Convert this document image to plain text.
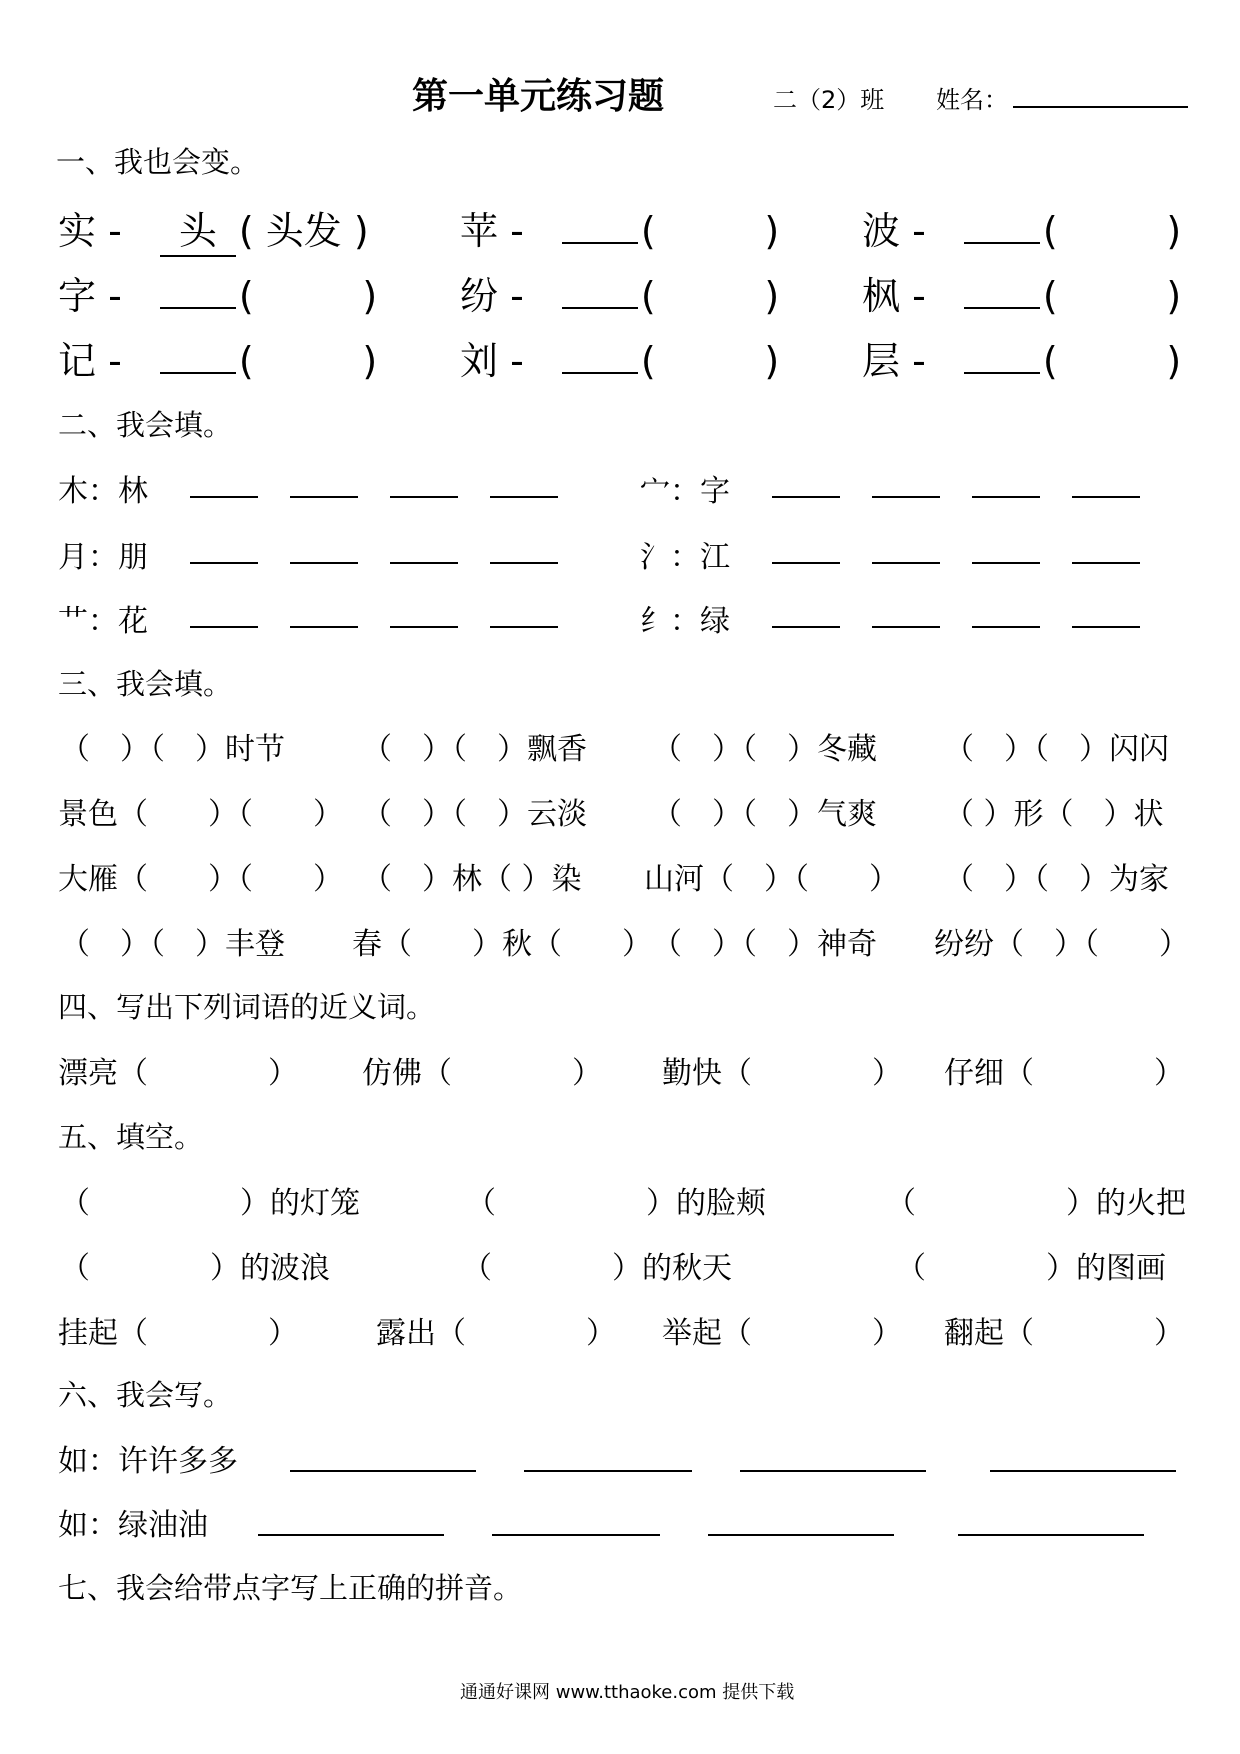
第一单元练习题	二（2）班 姓名：
一、我也会变。
实 - 头 ( 头发 ) 苹 -	(         ) 波 -	(         )
字 -	(         ) 纷 -	(         ) 枫 -	(         )
记 -	(         ) 刘 -	(         ) 层 -	(         )
二、我会填。
木：林	宀：字
月：朋	氵：江
艹：花	纟：绿
三、我会填。
（　）（　）时节	（　）（　）飘香 （　）（　）冬藏 （　）（　）闪闪
景色（　　）（　　） （　）（　）云淡 （　）（　）气爽 （ ）形（　）状
大雁（　　）（　　） （　）林（ ）染 山河（　）（　　） （　）（　）为家
（　）（　）丰登 春（　　）秋（　　） （　）（　）神奇 纷纷（　）（　　）
四、写出下列词语的近义词。
漂亮（　　　　） 仿佛（　　　　） 勤快（　　　　） 仔细（　　　　）
五、填空。
（　　　　　）的灯笼	（　　　　　）的脸颊	（　　　　　）的火把
（　　　　）的波浪	（　　　　）的秋天	（　　　　）的图画
挂起（　　　　）	露出（　　　　） 举起（　　　　） 翻起（　　　　）
六、我会写。
如：许许多多
如：绿油油
七、我会给带点字写上正确的拼音。
通通好课网 www.tthaoke.com 提供下载
